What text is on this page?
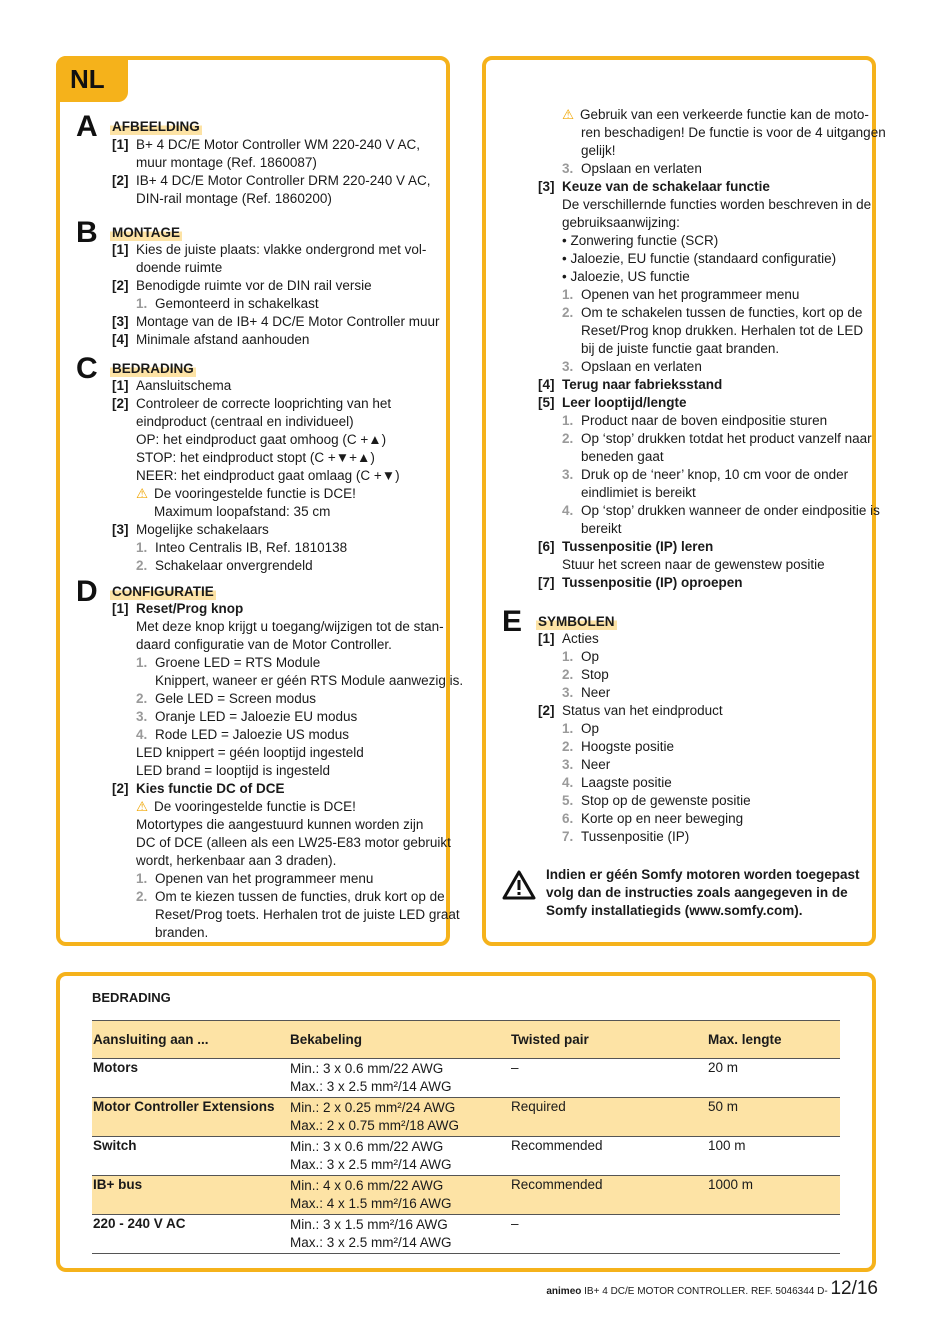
NL
A AFBEELDING
[1] B+ 4 DC/E Motor Controller WM 220-240 V AC,
muur montage (Ref. 1860087)
[2] IB+ 4 DC/E Motor Controller DRM 220-240 V AC,
DIN-rail montage (Ref. 1860200)
B MONTAGE
[1] Kies de juiste plaats: vlakke ondergrond met vol-
doende ruimte
[2] Benodigde ruimte vor de DIN rail versie
1. Gemonteerd in schakelkast
[3] Montage van de IB+ 4 DC/E Motor Controller muur
[4] Minimale afstand aanhouden
C BEDRADING
[1] Aansluitschema
[2] Controleer de correcte looprichting van het
eindproduct (centraal en individueel)
OP: het eindproduct gaat omhoog (C +▲)
STOP: het eindproduct stopt (C +▼+▲)
NEER: het eindproduct gaat omlaag (C +▼)
⚠ De vooringestelde functie is DCE!
Maximum loopafstand: 35 cm
[3] Mogelijke schakelaars
1. Inteo Centralis IB, Ref. 1810138
2. Schakelaar onvergrendeld
D CONFIGURATIE
[1] Reset/Prog knop
Met deze knop krijgt u toegang/wijzigen tot de stan-
daard configuratie van de Motor Controller.
1. Groene LED = RTS Module
Knippert, waneer er géén RTS Module aanwezig is.
2. Gele LED = Screen modus
3. Oranje LED = Jaloezie EU modus
4. Rode LED = Jaloezie US modus
LED knippert = géén looptijd ingesteld
LED brand = looptijd is ingesteld
[2] Kies functie DC of DCE
⚠ De vooringestelde functie is DCE!
Motortypes die aangestuurd kunnen worden zijn
DC of DCE (alleen als een LW25-E83 motor gebruikt
wordt, herkenbaar aan 3 draden).
1. Openen van het programmeer menu
2. Om te kiezen tussen de functies, druk kort op de
Reset/Prog toets. Herhalen trot de juiste LED graat
branden.
⚠ Gebruik van een verkeerde functie kan de moto-
ren beschadigen! De functie is voor de 4 uitgangen
gelijk!
3. Opslaan en verlaten
[3] Keuze van de schakelaar functie
De verschillernde functies worden beschreven in de
gebruiksaanwijzing:
• Zonwering functie (SCR)
• Jaloezie, EU functie (standaard configuratie)
• Jaloezie, US functie
1. Openen van het programmeer menu
2. Om te schakelen tussen de functies, kort op de
Reset/Prog knop drukken. Herhalen tot de LED
bij de juiste functie gaat branden.
3. Opslaan en verlaten
[4] Terug naar fabrieksstand
[5] Leer looptijd/lengte
1. Product naar de boven eindpositie sturen
2. Op ‘stop’ drukken totdat het product vanzelf naar
beneden gaat
3. Druk op de ‘neer’ knop, 10 cm voor de onder
eindlimiet is bereikt
4. Op ‘stop’ drukken wanneer de onder eindpositie is
bereikt
[6] Tussenpositie (IP) leren
Stuur het screen naar de gewenstew positie
[7] Tussenpositie (IP) oproepen
E SYMBOLEN
[1] Acties
1. Op
2. Stop
3. Neer
[2] Status van het eindproduct
1. Op
2. Hoogste positie
3. Neer
4. Laagste positie
5. Stop op de gewenste positie
6. Korte op en neer beweging
7. Tussenpositie (IP)
Indien er géén Somfy motoren worden toegepast
volg dan de instructies zoals aangegeven in de
Somfy installatiegids (www.somfy.com).
BEDRADING
Aansluiting aan ...	Bekabeling	Twisted pair	Max. lengte
Motors	Min.: 3 x 0.6 mm/22 AWG
Max.: 3 x 2.5 mm²/14 AWG	–	20 m
Motor Controller Extensions	Min.: 2 x 0.25 mm²/24 AWG
Max.: 2 x 0.75 mm²/18 AWG	Required	50 m
Switch	Min.: 3 x 0.6 mm/22 AWG
Max.: 3 x 2.5 mm²/14 AWG	Recommended	100 m
IB+ bus	Min.: 4 x 0.6 mm/22 AWG
Max.: 4 x 1.5 mm²/16 AWG	Recommended	1000 m
220 - 240 V AC	Min.: 3 x 1.5 mm²/16 AWG
Max.: 3 x 2.5 mm²/14 AWG	–	
animeo IB+ 4 DC/E MOTOR CONTROLLER. REF. 5046344 D- 12/16
